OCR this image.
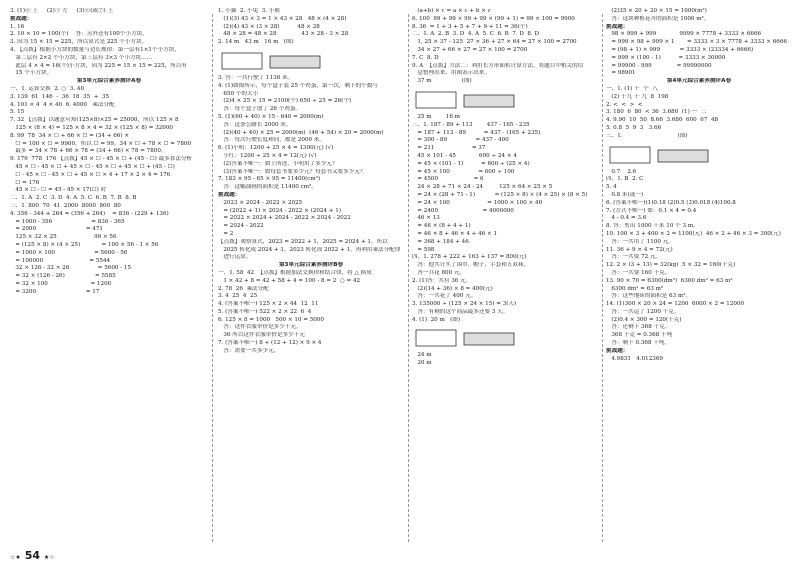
3. (1)⑥ 上     (2)⑤ 左     (3)⑥(或⑦) 上
挑战题：
1. 16
2. 10 × 10 = 100(个)    答：另外还有100个小方块。
3. 因为 15 × 15 = 225，所以算式是 225 个小方块。
4. 【点拨】根据小方块的数量与边长规律：第一层有1×1个小方块，
第二层有 2×2 个小方块，第三层有 3×3 个小方块……
此层 4 × 4 = 16(个)小方块，因为 225 = 15 × 15 = 225，所以有
15 个小方块。
第3单元综合素养测评A卷
一、1. 运算交换  2. ○  3. 40
3. 139  61  146  -  36  18  35  +  35
4. 101 × 4  4 × 40  6. 4000   乘法分配
5. 15
7. 32 【点拨】以题意可知(125×8)×25 = 25000，所以 125 × 8
125 × (8 × 4) = 125 × 8 × 4 = 32 × (125 × 8) = 32000
8. 99  78  34 × ☐ + 66 × ☐ = (34 + 66) ×
☐ = 100 × ☐ = 9900，所以 ☐ = 99，34 × ☐ + 78 × ☐ = 7800
最多 = 34 × 78 + 66 × 78 = (34 + 66) × 78 = 7800。
9. 176  778  176 【点拨】45 × ☐ - 45 × ☐ + (45 - ☐) 最多算法分析
45 × ☐ - 45 × ☐ + 45 × ☐ - 45 × ☐ + 45 × ☐ + (45 - ☐)
☐ - 45 × ☐ - 45 × ☐ + 45 × ☐ × 4 + 17 × 2 × 4 = 176
☐ = 176
45 × ☐ - ☐ = 45 - 45 × 17(☐) 时
二、1. A  2. C  3. D  4. A  5. C  6. B  7. B  8. B
三、1. 800  70  41  2000  8000  800  80
4. 356 - 344 + 264 = (356 + 264)    = 836 - (229 + 136)
= 1000 - 356                      = 836 - 365
= 2000                            = 471
125 × 32 × 25                     99 × 56
= (125 × 8) × (4 × 25)            = 100 × 56 - 1 × 56
= 1000 × 100                      = 5600 - 56
= 100000                          = 5544
32 × 126 - 32 × 26                = 5600 - 15
= 32 × (126 - 26)                 = 5585
= 32 × 100                        = 1200
= 3200                            = 17
1. 小猫  2. 小兔  3. 小熊
(1)(3) 43 × 3 = 1 × 43 × 28   48 × (4 × 28)
(2)(4) 43 × (3 × 28)          48 × 28
48 × 28 = 48 × 28              43 × 28 - 3 × 28
2. 14 m   43 m   16 m   (图)
3. 答：一共行驶了 1136 米。
4. (1)如图所示，每个盒子装 25 个鸡蛋，第一次，剩下的个数与
650 个的大小
(2)4 × 25 × 15 = 2100(个) 650 ÷ 25 = 26(个)
答：每个盒子放了 26 个鸡蛋。
5. (1)(60 + 40) × 15 - 640 = 2000(m)
答：这条公路长 2000 米。
(2)(40 + 40) × 25 = 2000(m)  (46 + 54) × 20 = 2000(m)
答：每次行驶长度和同，都是 2000 米。
6. (1)小明：1200 + 25 × 4 = 1300(元) (√)
小红：1200 ÷ 25 × 4 = 12(元) (√)
(2)答案不唯一：如上所述，小明用了多少元？
(3)答案不唯一：如每套书要多少元？每套书又要多少元？
7. 183 × 95 - 65 × 95 = 11400(cm²)
答：这幅油画的面积是 11400 cm²。
挑战题：
2023 × 2024 - 2022 × 2025
= (2022 + 1) × 2024 - 2022 × (2024 + 1)
= 2022 × 2024 + 2024 - 2022 × 2024 - 2022
= 2024 - 2022
= 2
【点拨】观察算式，2023 = 2022 + 1，2025 = 2024 + 1，所以
2025 转化成 2024 + 1，2023 转化成 2022 + 1，再利用乘法分配律
进行运算。
第3单元综合素养测评B卷
一、1. 58  42  【点拨】根据加法交换律和结合律，将 △ 换成
1 × 42 + 8 = 42 + 58 + 4 = 100 - 8 = 2  ○ = 42
2. 78  26  乘法分配
3. 4  25  4  25
4. (答案不唯一) 125 × 2 × 44  12  11
5. (答案不唯一) 522 × 2 × 22  6  4
6. 125 × 8 = 1000   500 × 10 = 5000
答：这件衣服单价是多少千元。
36 所以这件衣服单价是多少千元
7. (答案不唯一) 8 + (12 + 12) × 9 × 4
答：需要一共多少元。
(a+b) × c = a × c + b × c
6. 100  99 + 99 × 99 + 99 × (99 + 1) = 99 × 100 = 9900
8. 36  = 1 + 3 + 5 + 7 + 9 + 11 = 36(个)
二、1. A  2. B  3. D  4. A  5. C  6. B  7. D  8. D
1, 25 × 37 - 125  27 × 36 + 27 × 64 = 27 × 100 = 2700
34 × 27 + 66 × 27 = 27 × 100 = 2700
7. C  8. D
9. A  【点拨】方法二：利用长方形面积计算方法，将题目中相关的信
息整理出来，用图表示出来。
37 m                 (图)
25 m        16 m
三、1. 187 - 89 + 113        437 - 165 - 235
= 187 + 113 - 89          = 437 - (165 + 235)
= 300 - 89                = 437 - 400
= 211                     = 37
45 × 101 - 45             600 ÷ 24 × 4
= 45 × (101 - 1)          = 600 ÷ (25 × 4)
= 45 × 100                = 600 ÷ 100
= 4500                    = 6
24 × 28 + 71 × 24 - 24         125 × 64 × 25 × 5
= 24 × (28 + 71 - 1)           = (125 × 8) × (4 × 25) × (8 × 5)
= 24 × 100                     = 1000 × 100 × 40
= 2400                         = 4000000
46 × 13
= 46 × (8 + 4 + 1)
= 46 × 8 + 46 × 4 + 46 × 1
= 368 + 184 + 46
= 598
四、1. 278 + 222 + 163 + 137 = 800(元)
答：他共计买了围巾、帽子、手套和五双袜。
答一共花 800 元。
2. (1)答：共有 36 元。
(2)(14 + 36) × 8 = 400(元)
答：一共花了 400 元。
3. 135000 ÷ (125 × 24 × 15) = 3(天)
答：有剩的这个商品最多还要 3 天。
4. (1)  20 m   (图)
24 m
20 m
(2)35 × 20 + 20 × 15 = 1000(m²)
答：这块种植花卉的面积是 1000 m²。
挑战题：
98 × 999 + 999             9999 × 7778 + 3333 × 6666
= 999 × 98 + 999 × 1       = 3333 × 3 × 7778 + 3333 × 6666
= (98 + 1) × 999           = 3333 × (23334 + 6666)
= 999 × (100 - 1)          = 3333 × 30000
= 99900 - 999              = 99990000
= 98901
第4单元综合素养测评A卷
一、1. (1) 十  个  八
(2) 十九 十 九  8  198
2. <  <  >  <
3. 180  6  80  < 36  3.680  (1) 一  三
4. 9.90  10  50  8.66  3.680  600  67  48
5. 0.8  5  9  3   3.66
三、1.                               (图)
0.7    2.6
四、1. B  2. C
5. 4
0.8 米(或一)
6. (答案不唯一)(1)0.18 (2)0.5 (3)0.018 (4)100.8
7. (方式不唯一) 如：0.1 × 4 = 0.4
4 - 0.4 = 3.6
8. 答：剪出 1000 千米 10 个 3 m。
10. 100 × 3 + 400 × 2 = 1100(元)  46 × 2 + 46 × 3 = 300(元)
答：一共用了 1100 元。
11. 36 + 9 × 4 = 72(元)
答：一共要 72 元。
12. 2 × (3 + 13) = 32(kg)  5 × 32 = 160(千克)
答：一共要 160 千克。
13. 90 × 70 = 6300(dm²)  6300 dm² = 63 m²
6300 dm² = 63 m²
答：这些地砖的面积是 63 m²。
14. (1)300 × 20 × 24 = 1200  6000 × 2 = 12000
答：一共运了 1200 千克。
(2)0.4 × 300 = 120(千克)
答：还剩下 368 千克。
368 千克 = 0.368 千吨
答：剩下 0.368 千吨。
挑战题：
4.9831   4.012369
☆★ 54 ★☆
